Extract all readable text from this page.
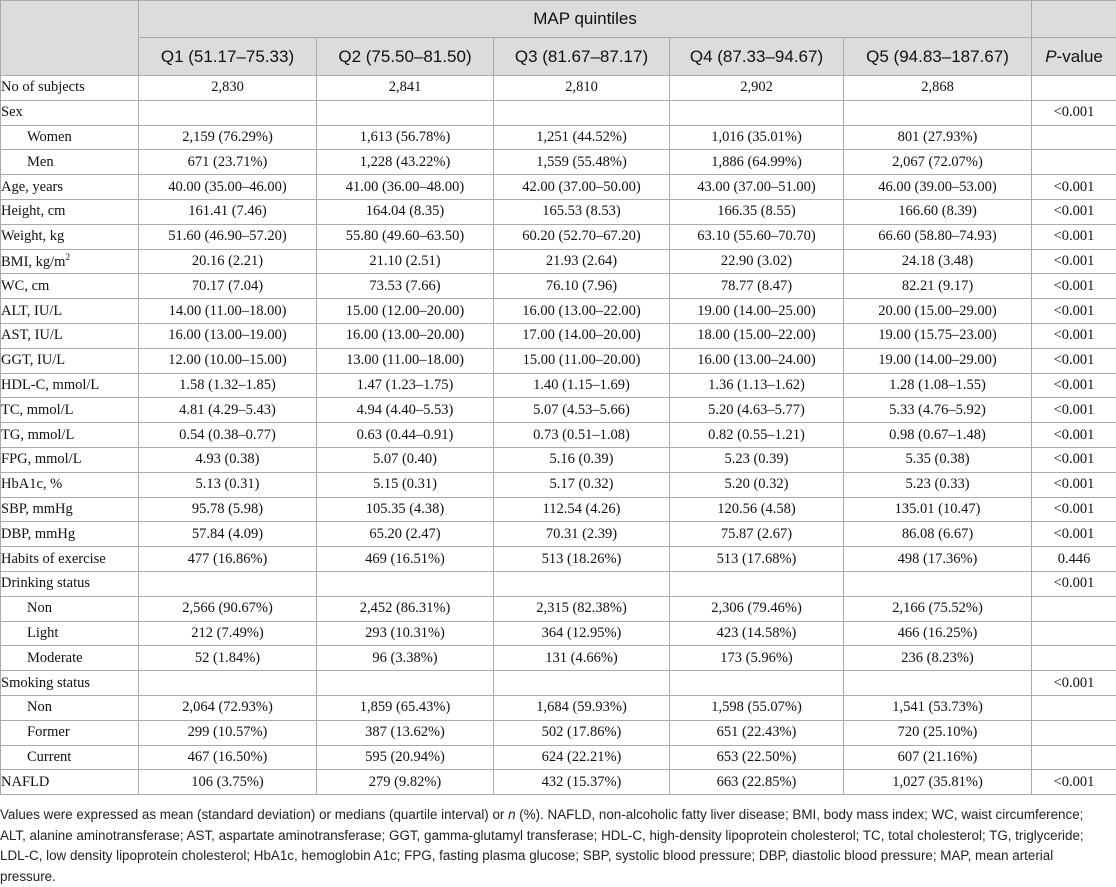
	MAP quintiles					
	Q1 (51.17–75.33)	Q2 (75.50–81.50)	Q3 (81.67–87.17)	Q4 (87.33–94.67)	Q5 (94.83–187.67)	P-value
No of subjects	2,830	2,841	2,810	2,902	2,868	
Sex						<0.001
Women	2,159 (76.29%)	1,613 (56.78%)	1,251 (44.52%)	1,016 (35.01%)	801 (27.93%)	
Men	671 (23.71%)	1,228 (43.22%)	1,559 (55.48%)	1,886 (64.99%)	2,067 (72.07%)	
Age, years	40.00 (35.00–46.00)	41.00 (36.00–48.00)	42.00 (37.00–50.00)	43.00 (37.00–51.00)	46.00 (39.00–53.00)	<0.001
Height, cm	161.41 (7.46)	164.04 (8.35)	165.53 (8.53)	166.35 (8.55)	166.60 (8.39)	<0.001
Weight, kg	51.60 (46.90–57.20)	55.80 (49.60–63.50)	60.20 (52.70–67.20)	63.10 (55.60–70.70)	66.60 (58.80–74.93)	<0.001
BMI, $kg/m^2$	20.16 (2.21)	21.10 (2.51)	21.93 (2.64)	22.90 (3.02)	24.18 (3.48)	<0.001
WC, cm	70.17 (7.04)	73.53 (7.66)	76.10 (7.96)	78.77 (8.47)	82.21 (9.17)	<0.001
ALT, IU/L	14.00 (11.00–18.00)	15.00 (12.00–20.00)	16.00 (13.00–22.00)	19.00 (14.00–25.00)	20.00 (15.00–29.00)	<0.001
AST, IU/L	16.00 (13.00–19.00)	16.00 (13.00–20.00)	17.00 (14.00–20.00)	18.00 (15.00–22.00)	19.00 (15.75–23.00)	<0.001
GGT, IU/L	12.00 (10.00–15.00)	13.00 (11.00–18.00)	15.00 (11.00–20.00)	16.00 (13.00–24.00)	19.00 (14.00–29.00)	<0.001
HDL-C, mmol/L	1.58 (1.32–1.85)	1.47 (1.23–1.75)	1.40 (1.15–1.69)	1.36 (1.13–1.62)	1.28 (1.08–1.55)	<0.001
TC, mmol/L	4.81 (4.29–5.43)	4.94 (4.40–5.53)	5.07 (4.53–5.66)	5.20 (4.63–5.77)	5.33 (4.76–5.92)	<0.001
TG, mmol/L	0.54 (0.38–0.77)	0.63 (0.44–0.91)	0.73 (0.51–1.08)	0.82 (0.55–1.21)	0.98 (0.67–1.48)	<0.001
FPG, mmol/L	4.93 (0.38)	5.07 (0.40)	5.16 (0.39)	5.23 (0.39)	5.35 (0.38)	<0.001
HbA1c, %	5.13 (0.31)	5.15 (0.31)	5.17 (0.32)	5.20 (0.32)	5.23 (0.33)	<0.001
SBP, mmHg	95.78 (5.98)	105.35 (4.38)	112.54 (4.26)	120.56 (4.58)	135.01 (10.47)	<0.001
DBP, mmHg	57.84 (4.09)	65.20 (2.47)	70.31 (2.39)	75.87 (2.67)	86.08 (6.67)	<0.001
Habits of exercise	477 (16.86%)	469 (16.51%)	513 (18.26%)	513 (17.68%)	498 (17.36%)	0.446
Drinking status						<0.001
Non	2,566 (90.67%)	2,452 (86.31%)	2,315 (82.38%)	2,306 (79.46%)	2,166 (75.52%)	
Light	212 (7.49%)	293 (10.31%)	364 (12.95%)	423 (14.58%)	466 (16.25%)	
Moderate	52 (1.84%)	96 (3.38%)	131 (4.66%)	173 (5.96%)	236 (8.23%)	
Smoking status						<0.001
Non	2,064 (72.93%)	1,859 (65.43%)	1,684 (59.93%)	1,598 (55.07%)	1,541 (53.73%)	
Former	299 (10.57%)	387 (13.62%)	502 (17.86%)	651 (22.43%)	720 (25.10%)	
Current	467 (16.50%)	595 (20.94%)	624 (22.21%)	653 (22.50%)	607 (21.16%)	
NAFLD	106 (3.75%)	279 (9.82%)	432 (15.37%)	663 (22.85%)	1,027 (35.81%)	<0.001
Values were expressed as mean (standard deviation) or medians (quartile interval) or n (%). NAFLD, non-alcoholic fatty liver disease; BMI, body mass index; WC, waist circumference; ALT, alanine aminotransferase; AST, aspartate aminotransferase; GGT, gamma-glutamyl transferase; HDL-C, high-density lipoprotein cholesterol; TC, total cholesterol; TG, triglyceride; LDL-C, low density lipoprotein cholesterol; HbA1c, hemoglobin A1c; FPG, fasting plasma glucose; SBP, systolic blood pressure; DBP, diastolic blood pressure; MAP, mean arterial pressure.
